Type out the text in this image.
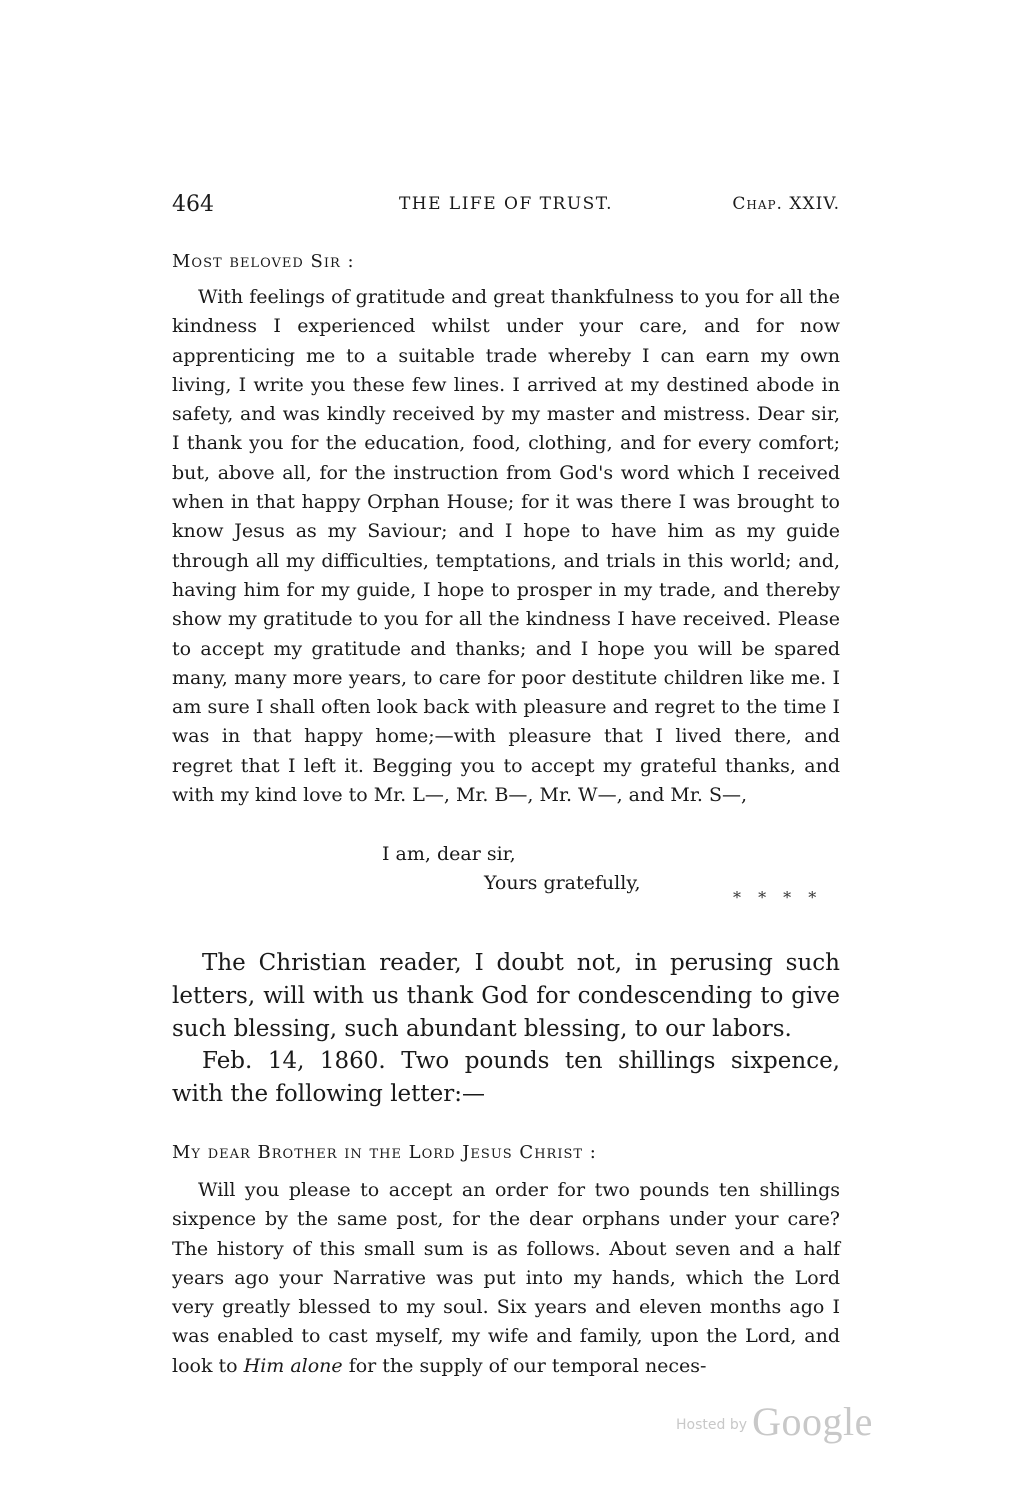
464	THE LIFE OF TRUST.	Chap. XXIV.
Most beloved Sir :

With feelings of gratitude and great thankfulness to you for all the kindness I experienced whilst under your care, and for now apprenticing me to a suitable trade whereby I can earn my own living, I write you these few lines. I arrived at my destined abode in safety, and was kindly received by my master and mistress. Dear sir, I thank you for the education, food, clothing, and for every comfort; but, above all, for the instruction from God's word which I received when in that happy Orphan House; for it was there I was brought to know Jesus as my Saviour; and I hope to have him as my guide through all my difficulties, temptations, and trials in this world; and, having him for my guide, I hope to prosper in my trade, and thereby show my gratitude to you for all the kindness I have received. Please to accept my gratitude and thanks; and I hope you will be spared many, many more years, to care for poor destitute children like me. I am sure I shall often look back with pleasure and regret to the time I was in that happy home;—with pleasure that I lived there, and regret that I left it. Begging you to accept my grateful thanks, and with my kind love to Mr. L—, Mr. B—, Mr. W—, and Mr. S—,

I am, dear sir,
Yours gratefully,
* * * *

The Christian reader, I doubt not, in perusing such letters, will with us thank God for condescending to give such blessing, such abundant blessing, to our labors.

Feb. 14, 1860. Two pounds ten shillings sixpence, with the following letter:—

My dear Brother in the Lord Jesus Christ :

Will you please to accept an order for two pounds ten shillings sixpence by the same post, for the dear orphans under your care? The history of this small sum is as follows. About seven and a half years ago your Narrative was put into my hands, which the Lord very greatly blessed to my soul. Six years and eleven months ago I was enabled to cast myself, my wife and family, upon the Lord, and look to Him alone for the supply of our temporal neces-

Hosted by Google
